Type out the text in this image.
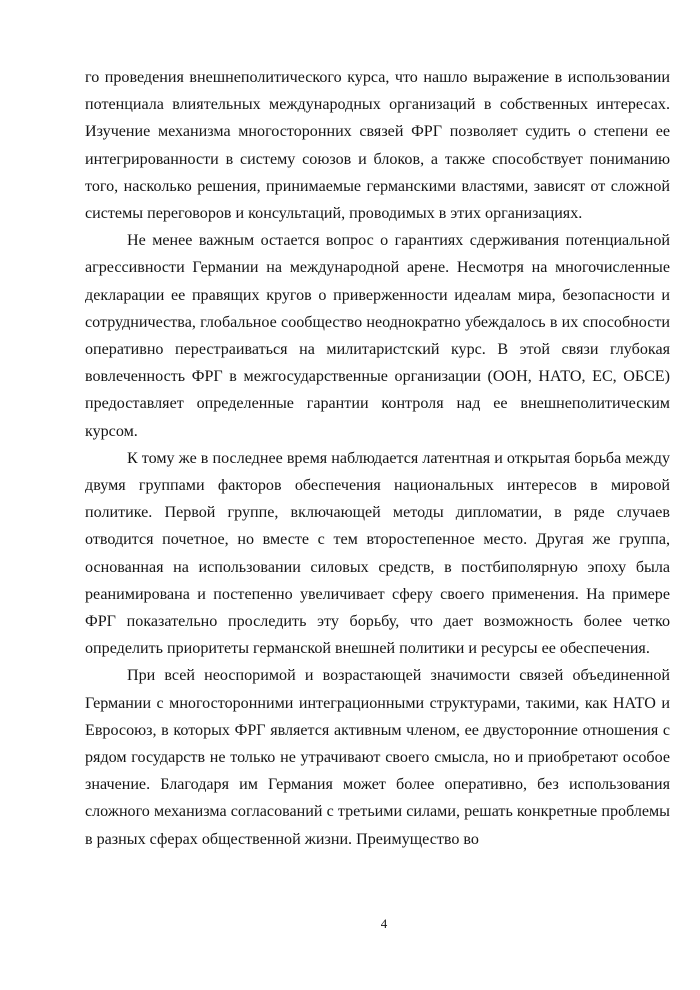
го проведения внешнеполитического курса, что нашло выражение в использовании потенциала влиятельных международных организаций в собственных интересах. Изучение механизма многосторонних связей ФРГ позволяет судить о степени ее интегрированности в систему союзов и блоков, а также способствует пониманию того, насколько решения, принимаемые германскими властями, зависят от сложной системы переговоров и консультаций, проводимых в этих организациях.

Не менее важным остается вопрос о гарантиях сдерживания потенциальной агрессивности Германии на международной арене. Несмотря на многочисленные декларации ее правящих кругов о приверженности идеалам мира, безопасности и сотрудничества, глобальное сообщество неоднократно убеждалось в их способности оперативно перестраиваться на милитаристский курс. В этой связи глубокая вовлеченность ФРГ в межгосударственные организации (ООН, НАТО, ЕС, ОБСЕ) предоставляет определенные гарантии контроля над ее внешнеполитическим курсом.

К тому же в последнее время наблюдается латентная и открытая борьба между двумя группами факторов обеспечения национальных интересов в мировой политике. Первой группе, включающей методы дипломатии, в ряде случаев отводится почетное, но вместе с тем второстепенное место. Другая же группа, основанная на использовании силовых средств, в постбиполярную эпоху была реанимирована и постепенно увеличивает сферу своего применения. На примере ФРГ показательно проследить эту борьбу, что дает возможность более четко определить приоритеты германской внешней политики и ресурсы ее обеспечения.

При всей неоспоримой и возрастающей значимости связей объединенной Германии с многосторонними интеграционными структурами, такими, как НАТО и Евросоюз, в которых ФРГ является активным членом, ее двусторонние отношения с рядом государств не только не утрачивают своего смысла, но и приобретают особое значение. Благодаря им Германия может более оперативно, без использования сложного механизма согласований с третьими силами, решать конкретные проблемы в разных сферах общественной жизни. Преимущество во

4
